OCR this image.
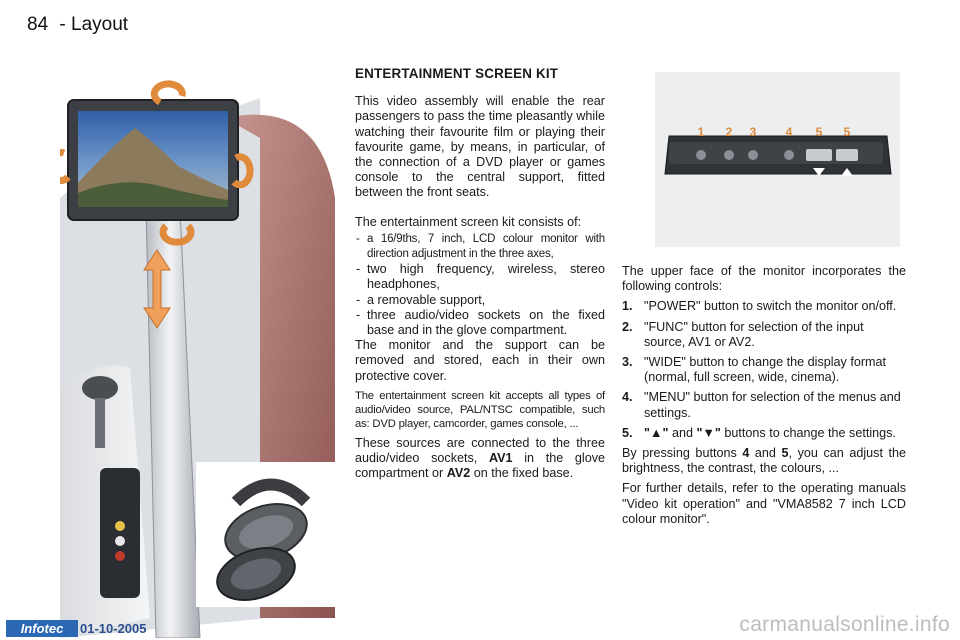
84 - Layout
1 2 3 4 5 5
ENTERTAINMENT SCREEN KIT

This video assembly will enable the rear passengers to pass the time pleasantly while watching their favourite film or playing their favourite game, by means, in particular, of the connection of a DVD player or games console to the central support, fitted between the front seats.

The entertainment screen kit consists of:

- a 16/9ths, 7 inch, LCD colour monitor with direction adjustment in the three axes,
- two high frequency, wireless, stereo headphones,
- a removable support,
- three audio/video sockets on the fixed base and in the glove compartment.

The monitor and the support can be removed and stored, each in their own protective cover.

The entertainment screen kit accepts all types of audio/video source, PAL/NTSC compatible, such as: DVD player, camcorder, games console, ...

These sources are connected to the three audio/video sockets, AV1 in the glove compartment or AV2 on the fixed base.

The upper face of the monitor incorporates the following controls:

1. "POWER" button to switch the monitor on/off.
2. "FUNC" button for selection of the input source, AV1 or AV2.
3. "WIDE" button to change the display format (normal, full screen, wide, cinema).
4. "MENU" button for selection of the menus and settings.
5. "▲" and "▼" buttons to change the settings.

By pressing buttons 4 and 5, you can adjust the brightness, the contrast, the colours, ...

For further details, refer to the operating manuals "Video kit operation" and "VMA8582 7 inch LCD colour monitor".

Infotec	01-10-2005	carmanualsonline.info
